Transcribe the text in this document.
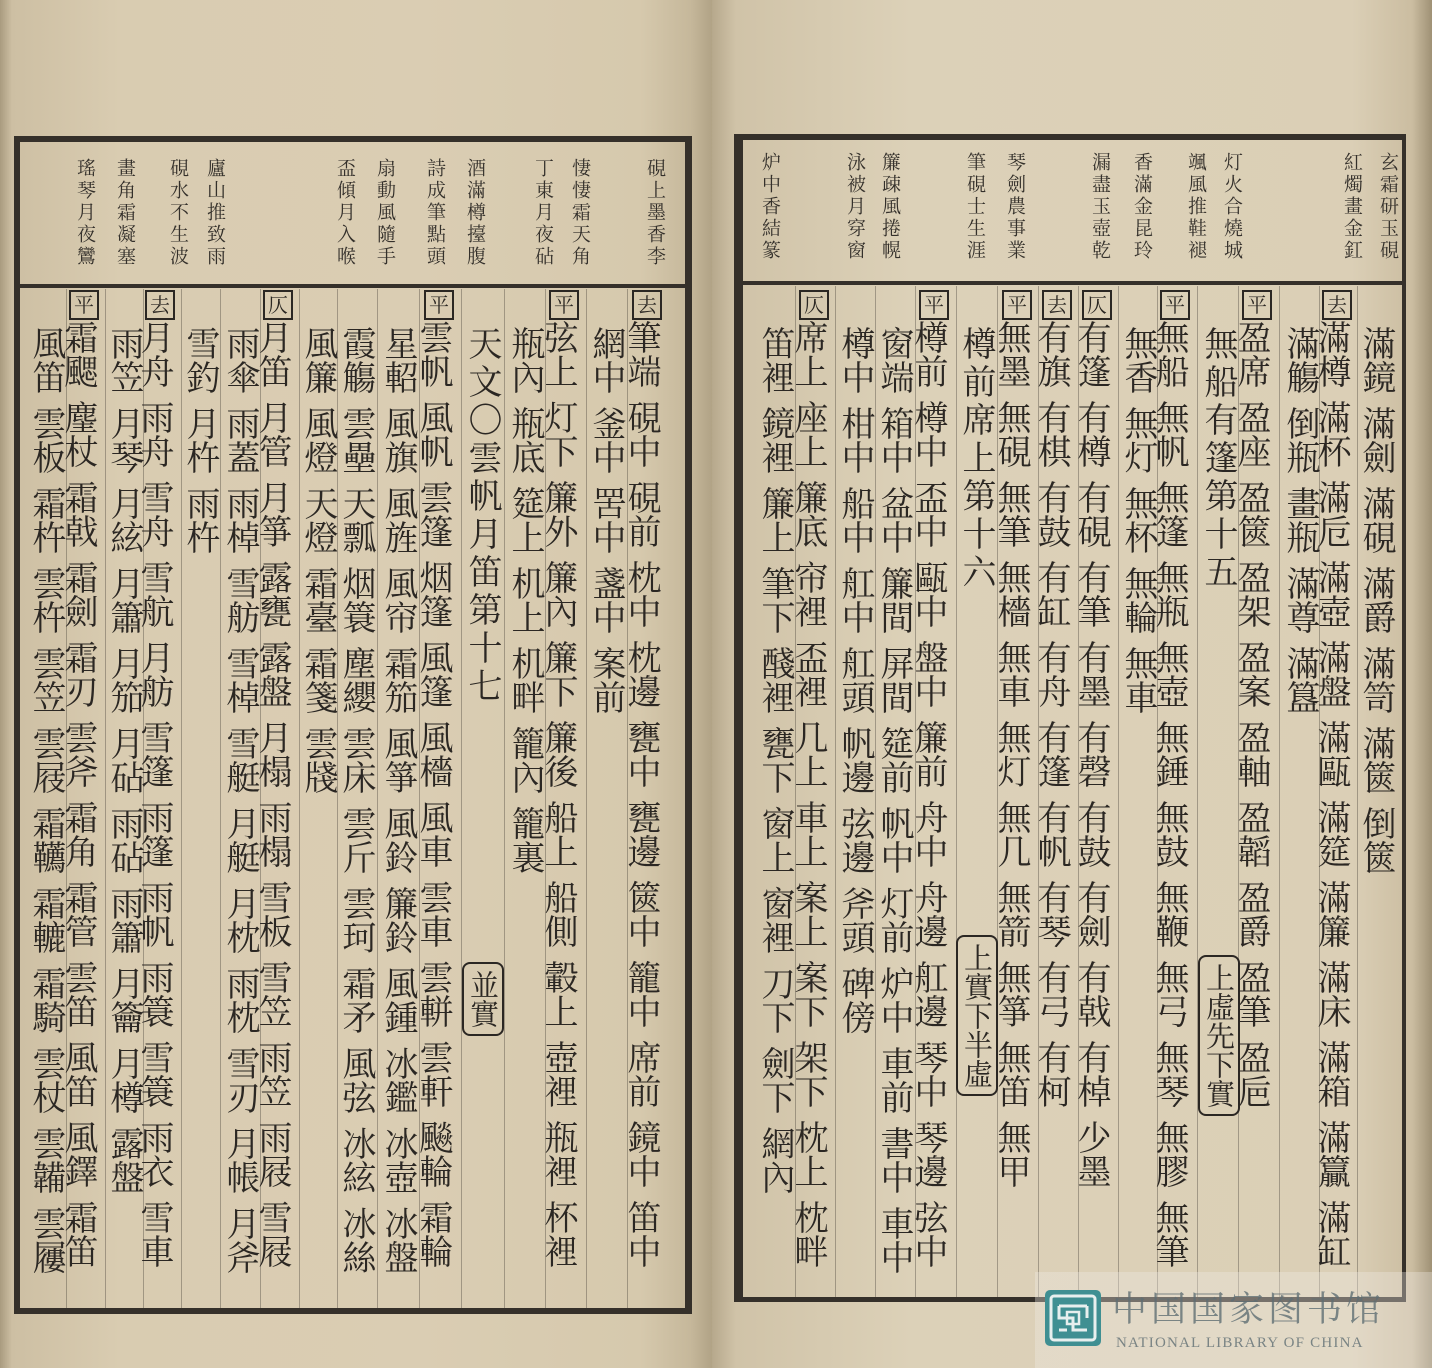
硯上墨香李
悽悽霜天角
丁東月夜砧
酒滿樽擡腹
詩成筆點頭
扇動風隨手
盃傾月入喉
廬山推致雨
硯水不生波
畫角霜凝塞
瑤琴月夜鸞
去筆端硯中硯前枕中枕邊甕中甕邊篋中籠中席前鏡中笛中
網中釜中罟中盞中案前
平弦上灯下簾外簾內簾下簾後船上船側轂上壺裡瓶裡杯裡
瓶內瓶底筵上机上机畔籠內籠裏
天文〇雲帆月笛第十七
並實
平雲帆風帆雲篷烟篷風篷風檣風車雲車雲軿雲軒飈輪霜輪
星軺風旗風旌風帘霜笳風箏風鈴簾鈴風鍾冰鑑冰壺冰盤
霞觴雲壘天瓢烟簑塵纓雲床雲斤雲珂霜矛風弦冰絃冰絲
風簾風燈天燈霜臺霜箋雲牋
仄月笛月管月箏露甕露盤月榻雨榻雪板雪笠雨笠雨屐雪屐
雨傘雨蓋雨棹雪舫雪棹雪艇月艇月枕雨枕雪刃月帳月斧
雪釣月杵雨杵
去月舟雨舟雪舟雪航月舫雪篷雨篷雨帆雨簑雪簑雨衣雪車
雨笠月琴月絃月簫月笳月砧雨砧雨簫月籥月樽露盤
平霜颸麈杖霜戟霜劍霜刃雲斧霜角霜管雲笛風笛風鐸霜笛
風笛雲板霜杵雲杵雲笠雲屐霜韉霜轆霜騎雲杖雲韛雲屨
玄霜研玉硯
紅燭畫金釭
灯火合燒城
颯風推鞋褪
香滿金昆玲
漏盡玉壺乾
琴劍農事業
筆硯士生涯
簾疎風捲幌
泳被月穿窗
炉中香結篆
滿鏡滿劍滿硯滿爵滿笥滿篋倒篋
去滿樽滿杯滿卮滿壺滿盤滿甌滿筵滿簾滿床滿箱滿籯滿缸
滿觴倒瓶畫瓶滿尊滿簋
平盈席盈座盈篋盈架盈案盈軸盈韜盈爵盈筆盈巵
無船有篷第十五
上虛先下實
平無船無帆無篷無瓶無壺無錘無鼓無鞭無弓無琴無膠無筆
無香無灯無杯無輪無車
仄有篷有樽有硯有筆有墨有磬有鼓有劍有戟有棹少墨
去有旗有棋有鼓有缸有舟有篷有帆有琴有弓有柯
平無墨無硯無筆無檣無車無灯無几無箭無箏無笛無甲
樽前席上第十六
上實下半虛
平樽前樽中盃中甌中盤中簾前舟中舟邊舡邊琴中琴邊弦中
窗端箱中盆中簾間屏間筵前帆中灯前炉中車前書中車中
樽中柑中船中舡中舡頭帆邊弦邊斧頭碑傍
仄席上座上簾底帘裡盃裡几上車上案上案下架下枕上枕畔
笛裡鏡裡簾上筆下醆裡甕下窗上窗裡刀下劍下網內
中国国家图书馆
NATIONAL LIBRARY OF CHINA
